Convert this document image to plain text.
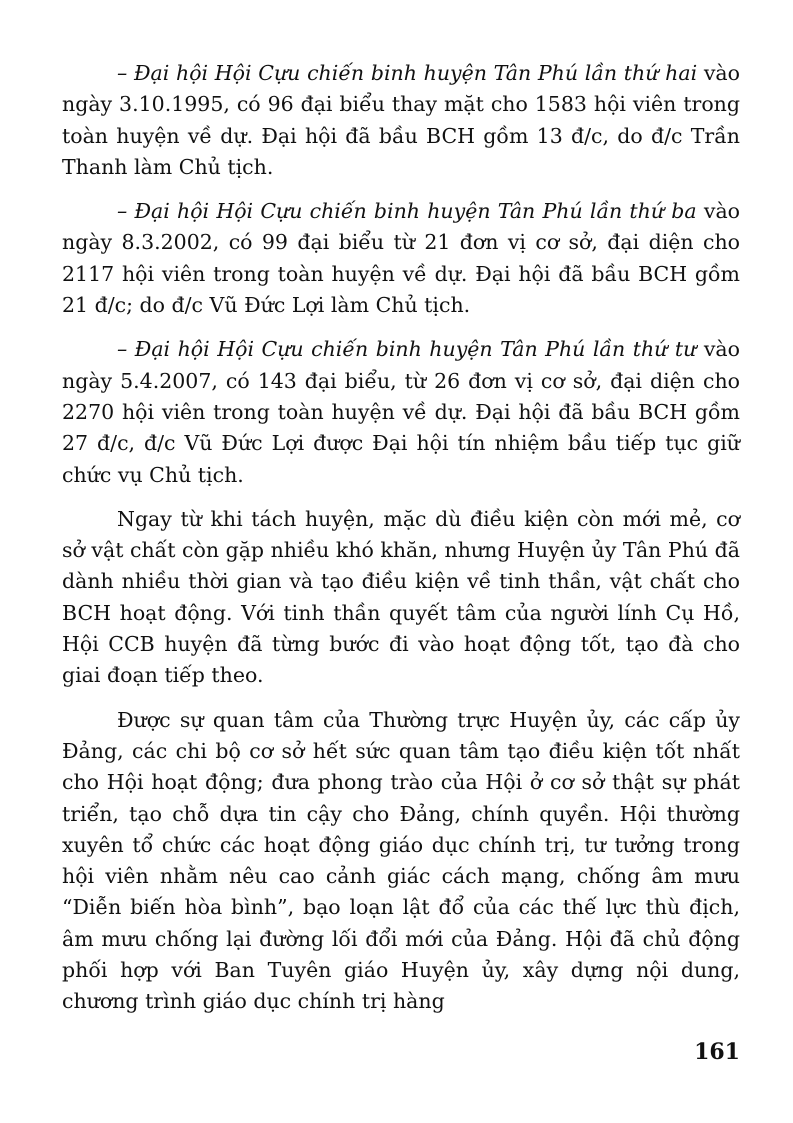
– Đại hội Hội Cựu chiến binh huyện Tân Phú lần thứ hai vào ngày 3.10.1995, có 96 đại biểu thay mặt cho 1583 hội viên trong toàn huyện về dự. Đại hội đã bầu BCH gồm 13 đ/c, do đ/c Trần Thanh làm Chủ tịch.

– Đại hội Hội Cựu chiến binh huyện Tân Phú lần thứ ba vào ngày 8.3.2002, có 99 đại biểu từ 21 đơn vị cơ sở, đại diện cho 2117 hội viên trong toàn huyện về dự. Đại hội đã bầu BCH gồm 21 đ/c; do đ/c Vũ Đức Lợi làm Chủ tịch.

– Đại hội Hội Cựu chiến binh huyện Tân Phú lần thứ tư vào ngày 5.4.2007, có 143 đại biểu, từ 26 đơn vị cơ sở, đại diện cho 2270 hội viên trong toàn huyện về dự. Đại hội đã bầu BCH gồm 27 đ/c, đ/c Vũ Đức Lợi được Đại hội tín nhiệm bầu tiếp tục giữ chức vụ Chủ tịch.

Ngay từ khi tách huyện, mặc dù điều kiện còn mới mẻ, cơ sở vật chất còn gặp nhiều khó khăn, nhưng Huyện ủy Tân Phú đã dành nhiều thời gian và tạo điều kiện về tinh thần, vật chất cho BCH hoạt động. Với tinh thần quyết tâm của người lính Cụ Hồ, Hội CCB huyện đã từng bước đi vào hoạt động tốt, tạo đà cho giai đoạn tiếp theo.

Được sự quan tâm của Thường trực Huyện ủy, các cấp ủy Đảng, các chi bộ cơ sở hết sức quan tâm tạo điều kiện tốt nhất cho Hội hoạt động; đưa phong trào của Hội ở cơ sở thật sự phát triển, tạo chỗ dựa tin cậy cho Đảng, chính quyền. Hội thường xuyên tổ chức các hoạt động giáo dục chính trị, tư tưởng trong hội viên nhằm nêu cao cảnh giác cách mạng, chống âm mưu “Diễn biến hòa bình”, bạo loạn lật đổ của các thế lực thù địch, âm mưu chống lại đường lối đổi mới của Đảng. Hội đã chủ động phối hợp với Ban Tuyên giáo Huyện ủy, xây dựng nội dung, chương trình giáo dục chính trị hàng

161
